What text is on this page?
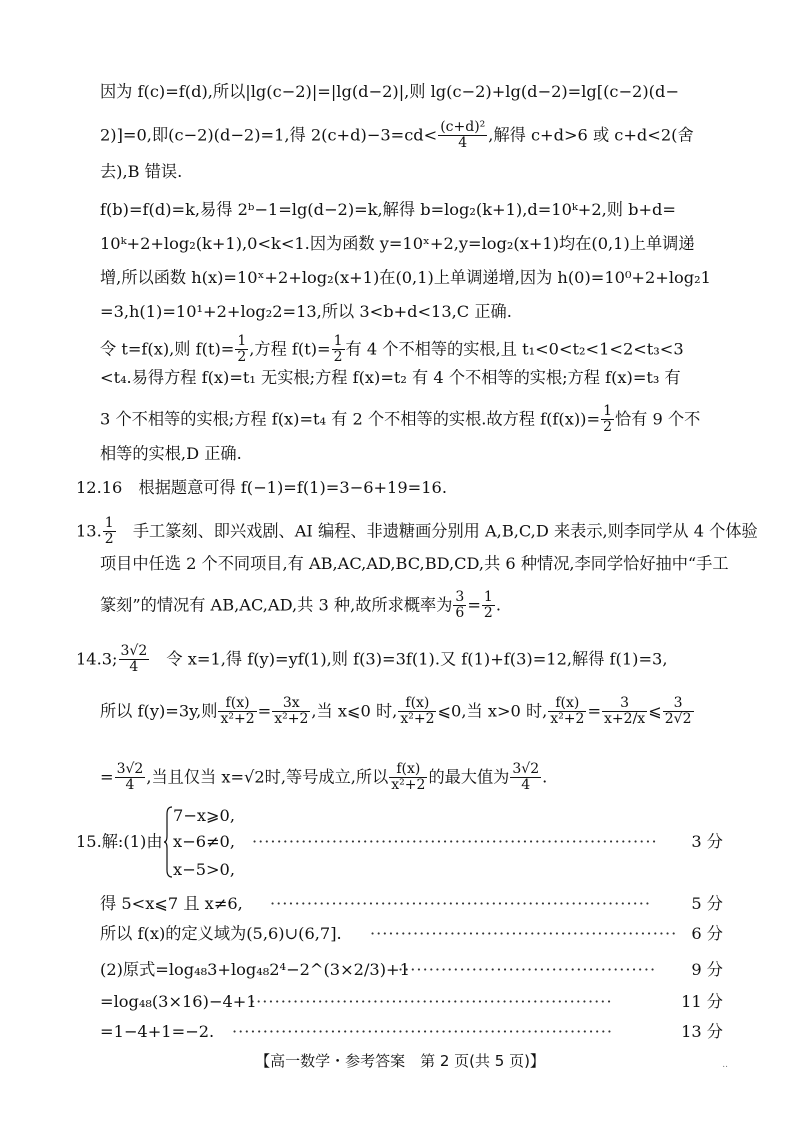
因为 f(c)=f(d),所以|lg(c−2)|=|lg(d−2)|,则 lg(c−2)+lg(d−2)=lg[(c−2)(d−
2)]=0,即(c−2)(d−2)=1,得 $2(c+d)-3=cd< \frac{\text{(c+d)²}}{4}$ ,解得 c+d>6 或 c+d<2(舍
去),B 错误.
f(b)=f(d)=k,易得 2ᵇ−1=lg(d−2)=k,解得 b=log₂(k+1),d=10ᵏ+2,则 b+d=
10ᵏ+2+log₂(k+1),0<k<1.因为函数 y=10ˣ+2,y=log₂(x+1)均在(0,1)上单调递
增,所以函数 h(x)=10ˣ+2+log₂(x+1)在(0,1)上单调递增,因为 h(0)=10⁰+2+log₂1
=3,h(1)=10¹+2+log₂2=13,所以 3<b+d<13,C 正确.
令 t=f(x),则 $f(t)= \frac{1}{2}$ ,方程 $f(t)= \frac{1}{2}$ 有 4 个不相等的实根,且 t₁<0<t₂<1<2<t₃<3
<t₄.易得方程 f(x)=t₁ 无实根;方程 f(x)=t₂ 有 4 个不相等的实根;方程 f(x)=t₃ 有
3 个不相等的实根;方程 f(x)=t₄ 有 2 个不相等的实根.故方程 $f(f(x))= \frac{1}{2}$ 恰有 9 个不
相等的实根,D 正确.
12.16　根据题意可得 f(−1)=f(1)=3−6+19=16.
13. $\frac{1}{2}$ 　手工篆刻、即兴戏剧、AI 编程、非遗糖画分别用 A,B,C,D 来表示,则李同学从 4 个体验
项目中任选 2 个不同项目,有 AB,AC,AD,BC,BD,CD,共 6 种情况,李同学恰好抽中“手工
篆刻”的情况有 AB,AC,AD,共 3 种,故所求概率为 $\frac{3}{6} = \frac{1}{2}$ .
14.3; $\frac{3√2}{4}$ 　令 x=1,得 f(y)=yf(1),则 f(3)=3f(1).又 f(1)+f(3)=12,解得 f(1)=3,
所以 f(y)=3y,则 $\frac{f(x)}{\text{x²+2}} = \frac{3x}{\text{x²+2}}$ ,当 x⩽0 时, $\frac{f(x)}{\text{x²+2}}$ ⩽0,当 x>0 时, $\frac{f(x)}{\text{x²+2}} = \frac{3}{x+2/x}$ ⩽ $\frac{3}{2√2}$
= $\frac{3√2}{4}$ ,当且仅当 x=√2时,等号成立,所以 $\frac{f(x)}{\text{x²+2}}$ 的最大值为 $\frac{3√2}{4}$ .
15.解:(1)由
7−x⩾0,
x−6≠0,
x−5>0,
·································································· 3 分
得 5<x⩽7 且 x≠6, ······························································ 5 分
所以 f(x)的定义域为(5,6)∪(6,7]. ·················································· 6 分
(2)原式=log₄₈3+log₄₈2⁴−2^(3×2/3)+1
·········································· 9 分
=log₄₈(3×16)−4+1
···························································	11 分
=1−4+1=−2. ······························································	13 分
【高一数学・参考答案　第 2 页(共 5 页)】	..
